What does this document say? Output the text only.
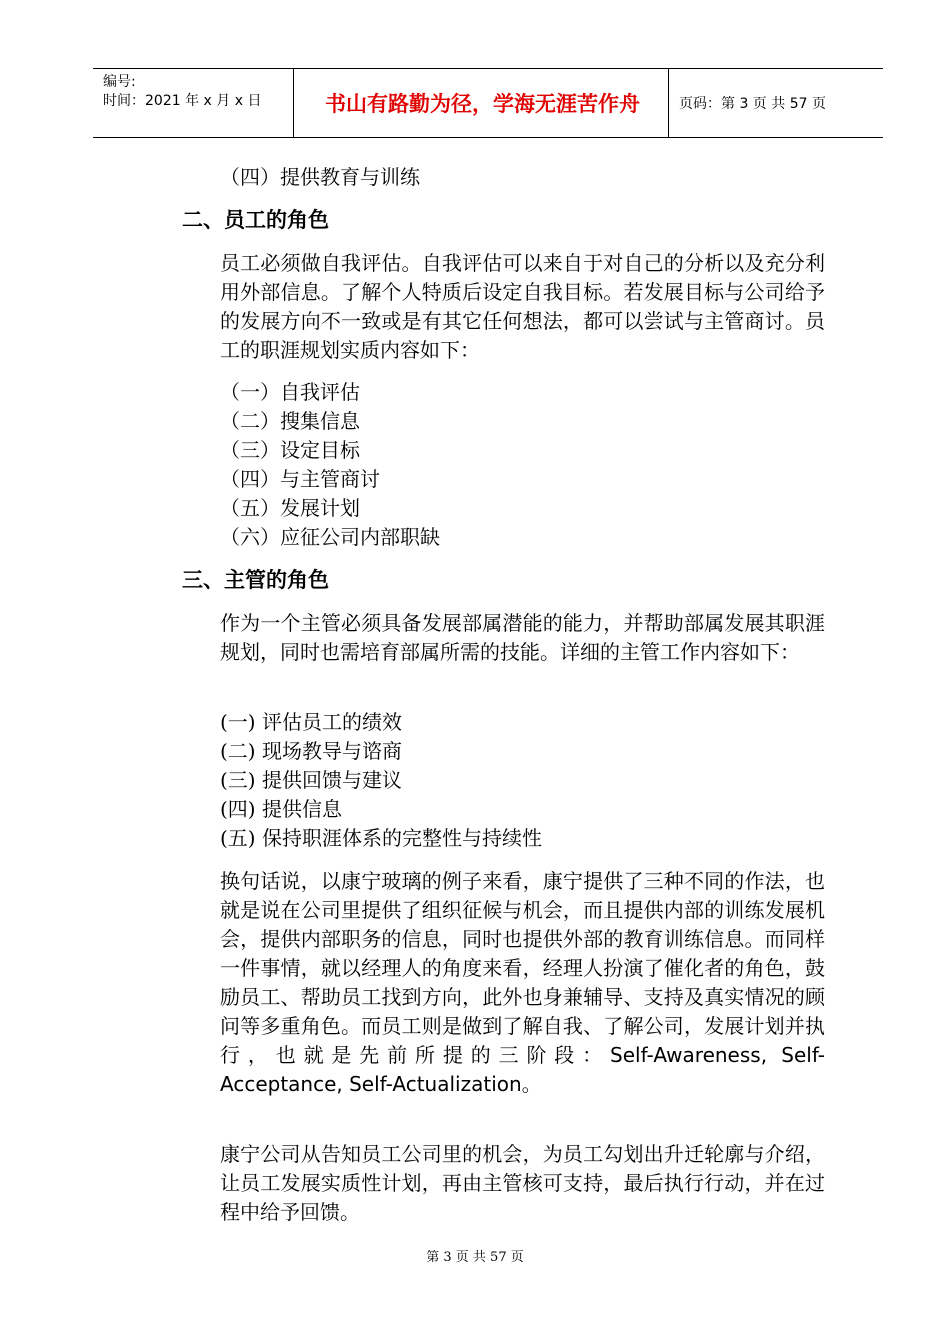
编号:
时间：2021 年 x 月 x 日	书山有路勤为径，学海无涯苦作舟	页码：第 3 页 共 57 页
（四）提供教育与训练
二、员工的角色

员工必须做自我评估。自我评估可以来自于对自己的分析以及充分利用外部信息。了解个人特质后设定自我目标。若发展目标与公司给予的发展方向不一致或是有其它任何想法，都可以尝试与主管商讨。员工的职涯规划实质内容如下：

（一）自我评估
（二）搜集信息
（三）设定目标
（四）与主管商讨
（五）发展计划
（六）应征公司内部职缺
三、主管的角色

作为一个主管必须具备发展部属潜能的能力，并帮助部属发展其职涯规划，同时也需培育部属所需的技能。详细的主管工作内容如下：

(一) 评估员工的绩效
(二) 现场教导与谘商
(三) 提供回馈与建议
(四) 提供信息
(五) 保持职涯体系的完整性与持续性

换句话说，以康宁玻璃的例子来看，康宁提供了三种不同的作法，也就是说在公司里提供了组织征候与机会，而且提供内部的训练发展机会，提供内部职务的信息，同时也提供外部的教育训练信息。而同样一件事情，就以经理人的角度来看，经理人扮演了催化者的角色，鼓励员工、帮助员工找到方向，此外也身兼辅导、支持及真实情况的顾问等多重角色。而员工则是做到了解自我、了解公司，发展计划并执行，也就是先前所提的三阶段：Self-Awareness, Self-Acceptance, Self-Actualization。

康宁公司从告知员工公司里的机会，为员工勾划出升迁轮廓与介绍，让员工发展实质性计划，再由主管核可支持，最后执行行动，并在过程中给予回馈。

第 3 页 共 57 页
